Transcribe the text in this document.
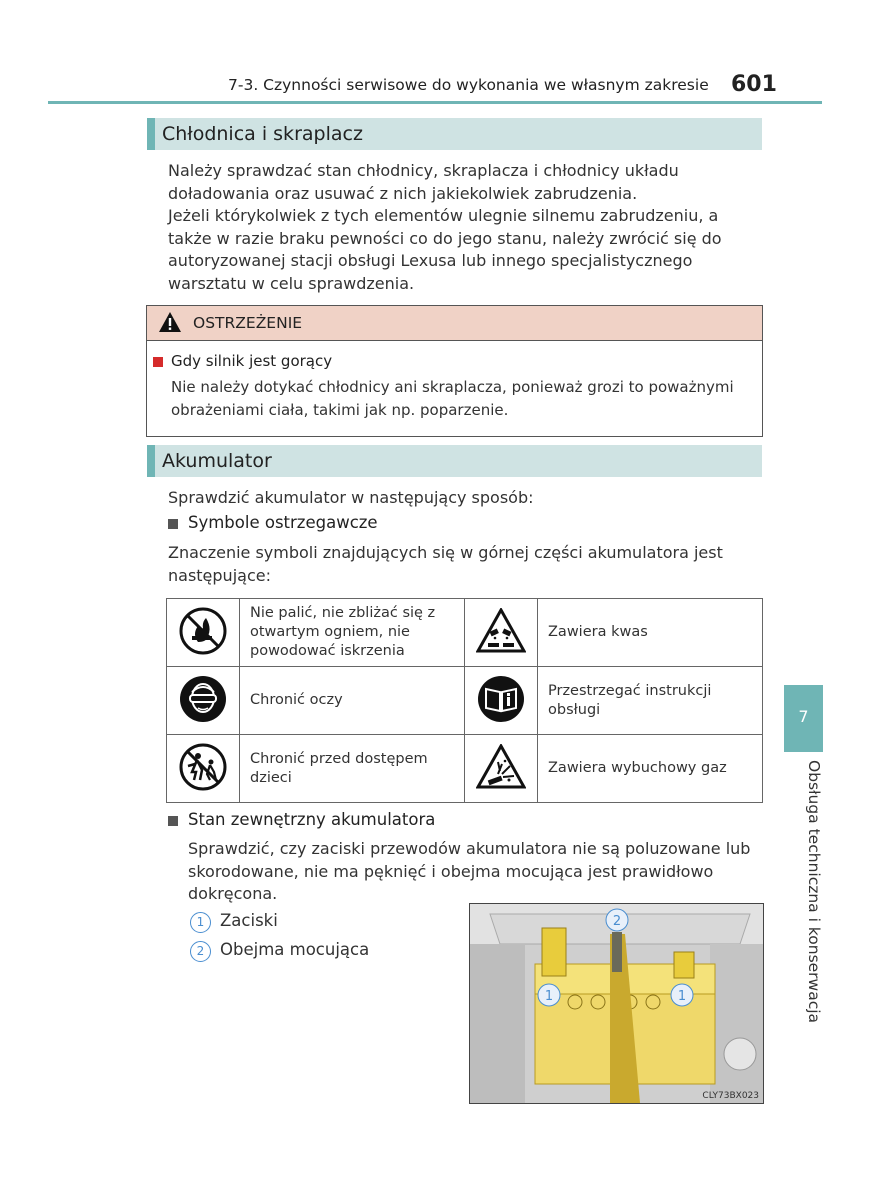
7-3. Czynności serwisowe do wykonania we własnym zakresie 601
Chłodnica i skraplacz

Należy sprawdzać stan chłodnicy, skraplacza i chłodnicy układu doładowania oraz usuwać z nich jakiekolwiek zabrudzenia.

Jeżeli którykolwiek z tych elementów ulegnie silnemu zabrudzeniu, a także w razie braku pewności co do jego stanu, należy zwrócić się do autoryzowanej stacji obsługi Lexusa lub innego specjalistycznego warsztatu w celu sprawdzenia.

OSTRZEŻENIE
Gdy silnik jest gorący

Nie należy dotykać chłodnicy ani skraplacza, ponieważ grozi to poważnymi obrażeniami ciała, takimi jak np. poparzenie.

Akumulator

Sprawdzić akumulator w następujący sposób:

Symbole ostrzegawcze

Znaczenie symboli znajdujących się w górnej części akumulatora jest następujące:

	Nie palić, nie zbliżać się z otwartym ogniem, nie powodować iskrzenia		Zawiera kwas
	Chronić oczy		Przestrzegać instrukcji obsługi
	Chronić przed dostępem dzieci		Zawiera wybuchowy gaz
Stan zewnętrzny akumulatora

Sprawdzić, czy zaciski przewodów akumulatora nie są poluzowane lub skorodowane, nie ma pęknięć i obejma mocująca jest prawidłowo dokręcona.

1 Zaciski
2 Obejma mocująca
1	1
2
CLY73BX023
7
Obsługa techniczna i konserwacja
